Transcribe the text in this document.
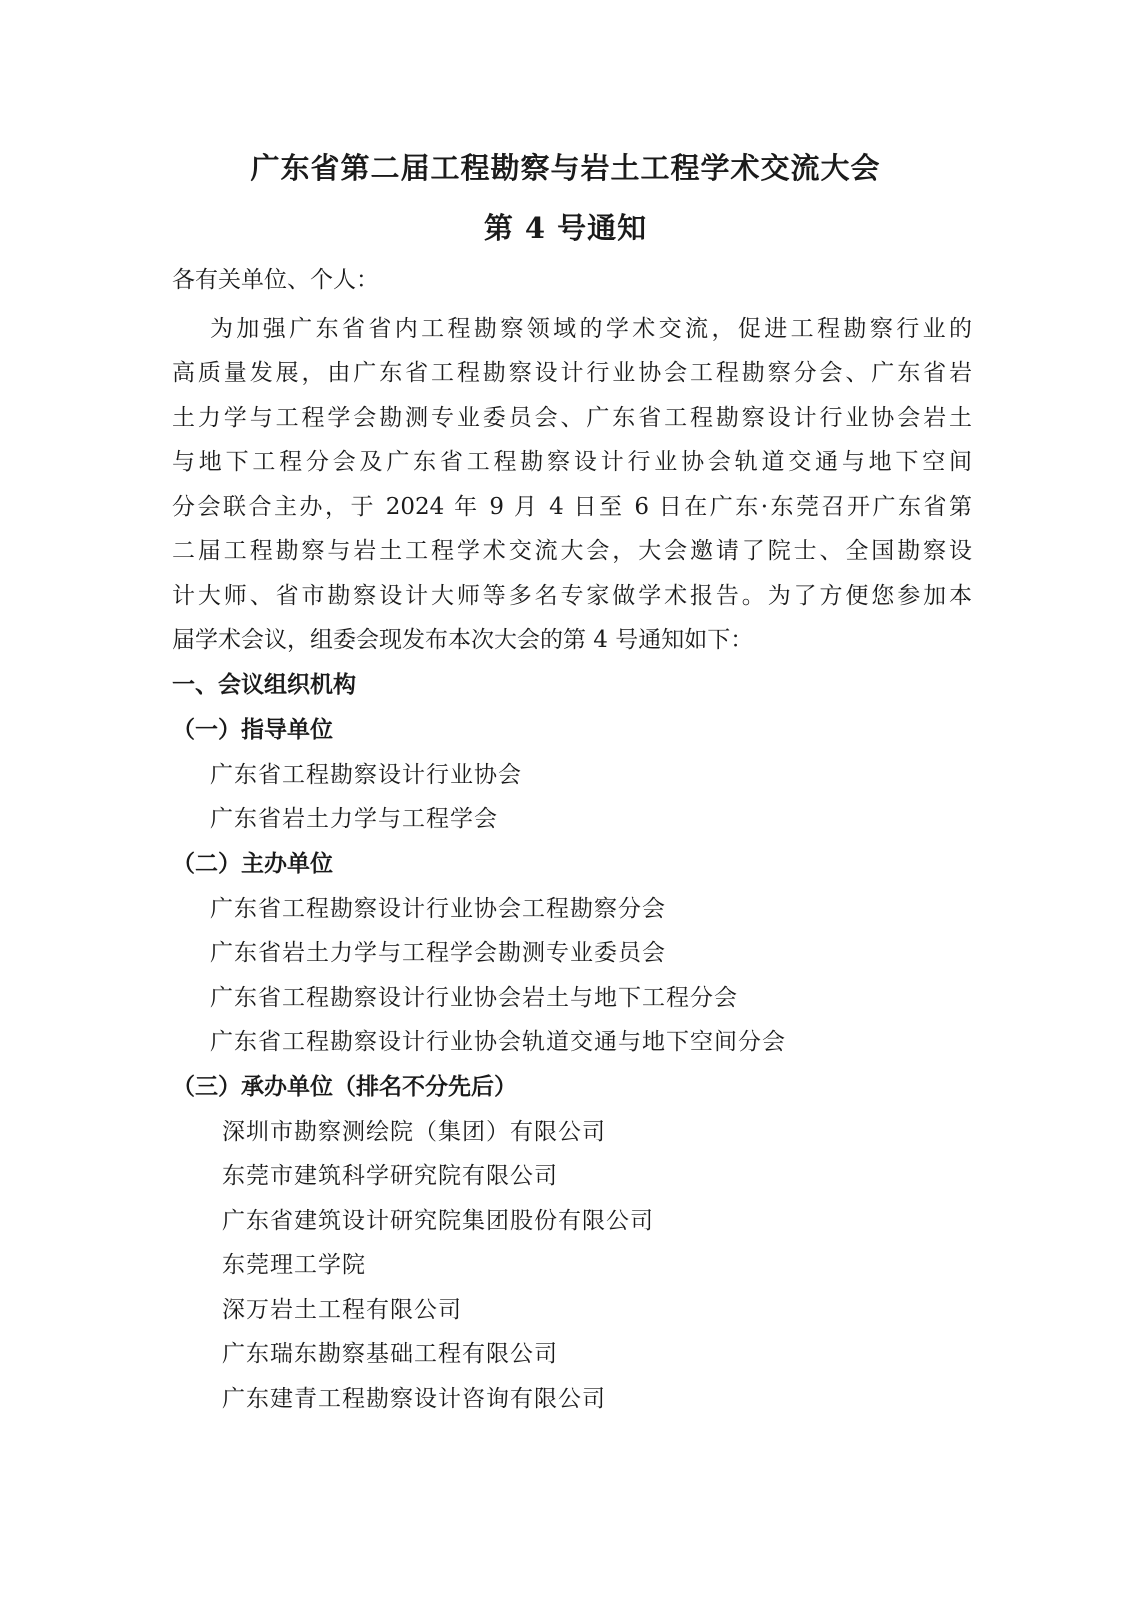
广东省第二届工程勘察与岩土工程学术交流大会
第 4 号通知
各有关单位、个人：
为加强广东省省内工程勘察领域的学术交流，促进工程勘察行业的
高质量发展，由广东省工程勘察设计行业协会工程勘察分会、广东省岩
土力学与工程学会勘测专业委员会、广东省工程勘察设计行业协会岩土
与地下工程分会及广东省工程勘察设计行业协会轨道交通与地下空间
分会联合主办，于 2024 年 9 月 4 日至 6 日在广东·东莞召开广东省第
二届工程勘察与岩土工程学术交流大会，大会邀请了院士、全国勘察设
计大师、省市勘察设计大师等多名专家做学术报告。为了方便您参加本
届学术会议，组委会现发布本次大会的第 4 号通知如下：
一、会议组织机构
（一）指导单位
广东省工程勘察设计行业协会
广东省岩土力学与工程学会
（二）主办单位
广东省工程勘察设计行业协会工程勘察分会
广东省岩土力学与工程学会勘测专业委员会
广东省工程勘察设计行业协会岩土与地下工程分会
广东省工程勘察设计行业协会轨道交通与地下空间分会
（三）承办单位（排名不分先后）
深圳市勘察测绘院（集团）有限公司
东莞市建筑科学研究院有限公司
广东省建筑设计研究院集团股份有限公司
东莞理工学院
深万岩土工程有限公司
广东瑞东勘察基础工程有限公司
广东建青工程勘察设计咨询有限公司
